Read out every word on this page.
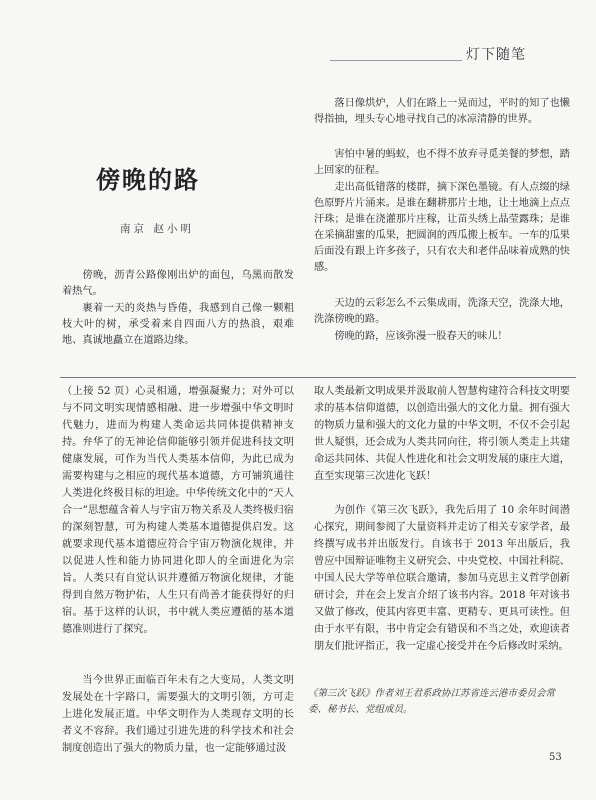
灯下随笔
傍晚的路
南京 赵小明

傍晚，沥青公路像刚出炉的面包，乌黑而散发着热气。

裹着一天的炎热与昏倦，我感到自己像一颗粗枝大叶的树，承受着来自四面八方的热浪，艰难地、真诚地矗立在道路边缘。

落日像烘炉，人们在路上一晃而过，平时的知了也懒得指抽，埋头专心地寻找自己的冰凉清静的世界。

害怕中暑的蚂蚁，也不得不放弃寻觅美餐的梦想，踏上回家的征程。

走出高低错落的楼群，摘下深色墨镜。有人点缀的绿色原野片片涌来。是谁在翻耕那片土地，让土地滴上点点汗珠；是谁在浇灌那片庄稼，让苗头绣上晶莹露珠；是谁在采摘甜蜜的瓜果，把圆润的西瓜搬上板车。一车的瓜果后面没有跟上许多孩子，只有农夫和老伴品味着成熟的快感。

天边的云彩怎么不云集成雨，洗涤天空，洗涤大地，洗涤傍晚的路。

傍晚的路，应该弥漫一股春天的味儿！

（上接 52 页）心灵相通，增强凝聚力；对外可以与不同文明实现情感相融、进一步增强中华文明时代魅力，进而为构建人类命运共同体提供精神支持。 弁华了的无神论信仰能够引领并促进科技文明健康发展，可作为当代人类基本信仰，为此已成为需要构建与之相应的现代基本道德，方可铺筑通往人类进化终极目标的坦途。中华传统文化中的“天人合一”思想蕴含着人与宇宙万物关系及人类终极归宿的深刻智慧，可为构建人类基本道德提供启发。这就要求现代基本道德应符合宇宙万物演化规律，并以促进人性和能力协同进化即人的全面进化为宗旨。人类只有自觉认识并遵循万物演化规律，才能得到自然万物护佑，人生只有尚善才能获得好的归宿。基于这样的认识，书中就人类应遵循的基本道德准则进行了探究。

当今世界正面临百年未有之大变局，人类文明发展处在十字路口，需要强大的文明引领，方可走上进化发展正道。中华文明作为人类现存文明的长者义不容辞。我们通过引进先进的科学技术和社会制度创造出了强大的物质力量，也一定能够通过汲

取人类最新文明成果并汲取前人智慧构建符合科技文明要求的基本信仰道德，以创造出强大的文化力量。拥有强大的物质力量和强大的文化力量的中华文明，不仅不会引起世人疑惧，还会成为人类共同向往，将引领人类走上共建命运共同体、共促人性进化和社会文明发展的康庄大道，直至实现第三次进化飞跃！

为创作《第三次飞跃》，我先后用了 10 余年时间潜心探究，期间参阅了大量资料并走访了相关专家学者，最终撰写成书并出版发行。自该书于 2013 年出版后，我曾应中国辩证唯物主义研究会、中央党校、中国社科院、中国人民大学等单位联合邀请，参加马克思主义哲学创新研讨会，并在会上发言介绍了该书内容。2018 年对该书又做了修改，使其内容更丰富、更精专、更具可读性。但由于水平有限，书中肯定会有错误和不当之处，欢迎读者朋友们批评指正，我一定虚心接受并在今后修改时采纳。

《第三次飞跃》作者刘王君系政协江苏省连云港市委员会常委、秘书长、党组成员。
53
